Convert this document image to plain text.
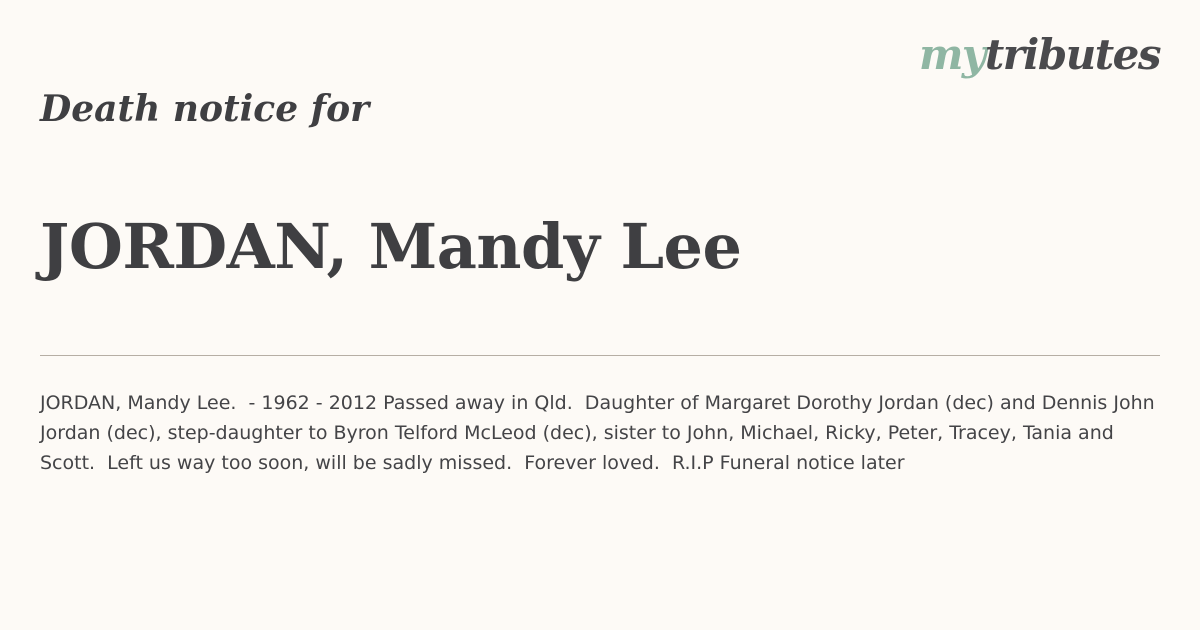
mytributes
Death notice for
JORDAN, Mandy Lee

JORDAN, Mandy Lee.  - 1962 - 2012 Passed away in Qld.  Daughter of Margaret Dorothy Jordan (dec) and Dennis John Jordan (dec), step-daughter to Byron Telford McLeod (dec), sister to John, Michael, Ricky, Peter, Tracey, Tania and Scott.  Left us way too soon, will be sadly missed.  Forever loved.  R.I.P Funeral notice later
